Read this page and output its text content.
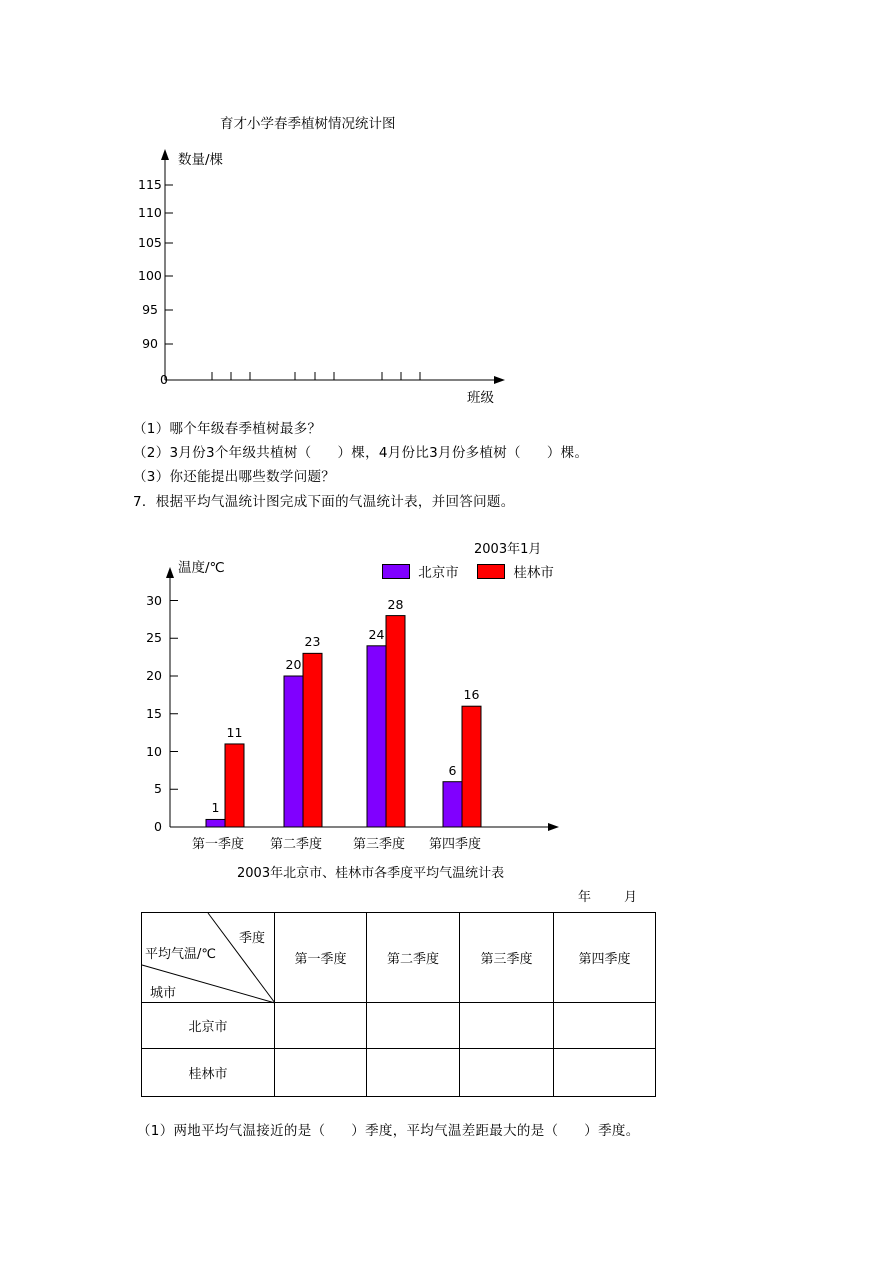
育才小学春季植树情况统计图
数量/棵
班级
0
90
95
100
105
110
115
（1）哪个年级春季植树最多？
（2）3月份3个年级共植树（ ）棵，4月份比3月份多植树（ ）棵。
（3）你还能提出哪些数学问题？
7．根据平均气温统计图完成下面的气温统计表，并回答问题。
2003年1月
温度/℃	北京市	桂林市
0
5
10
15
20
25
30
1
11
第一季度
20
23
第二季度
24
28
第三季度
6
16
第四季度
2003年北京市、桂林市各季度平均气温统计表
年	月
季度
平均气温/℃
城市	第一季度	第二季度	第三季度	第四季度
北京市				
桂林市				
（1）两地平均气温接近的是（ ）季度，平均气温差距最大的是（ ）季度。
